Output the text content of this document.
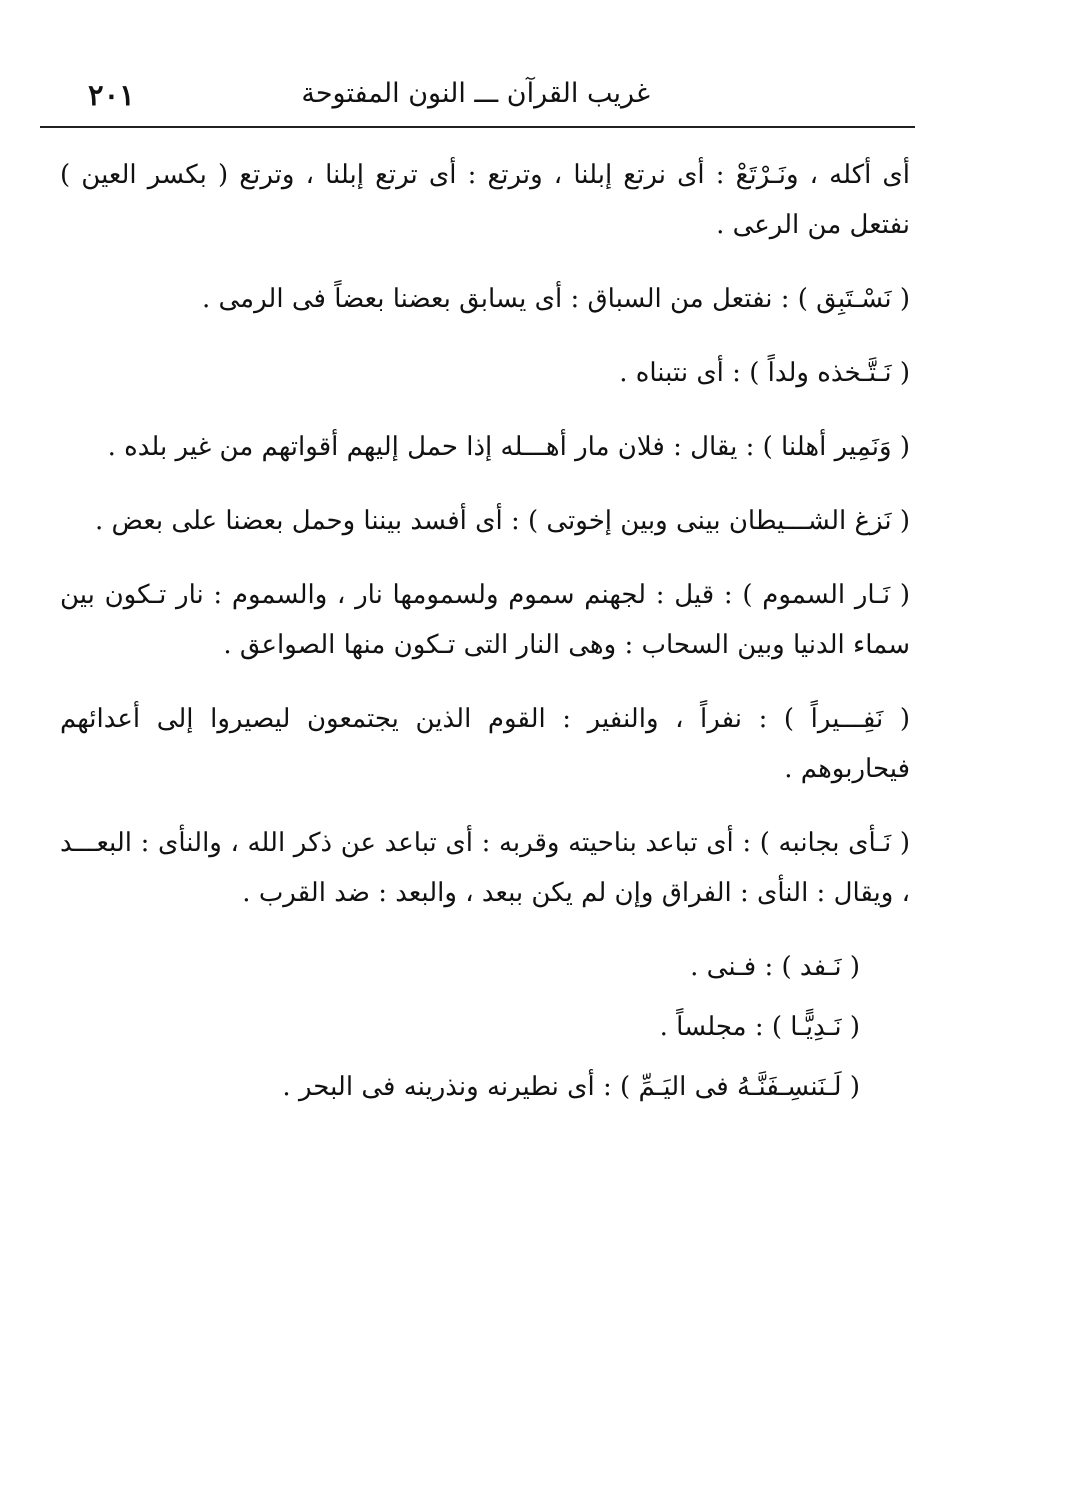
غريب القرآن ـــ النون المفتوحة
٢٠١

أى أكله ، ونَـرْتَعْ : أى نرتع إبلنا ، وترتع : أى ترتع إبلنا ، وترتع ( بكسر العين ) نفتعل من الرعى .

( نَسْـتَبِق ) : نفتعل من السباق : أى يسابق بعضنا بعضاً فى الرمى .

( نَـتَّـخذه ولداً ) : أى نتبناه .

( وَنَمِير أهلنا ) : يقال : فلان مار أهـــله إذا حمل إليهم أقواتهم من غير بلده .

( نَزغ الشـــيطان بينى وبين إخوتى ) : أى أفسد بيننا وحمل بعضنا على بعض .

( نَـار السموم ) : قيل : لجهنم سموم ولسمومها نار ، والسموم : نار تـكون بين سماء الدنيا وبين السحاب : وهى النار التى تـكون منها الصواعق .

( نَفِـــيراً ) : نفراً ، والنفير : القوم الذين يجتمعون ليصيروا إلى أعدائهم فيحاربوهم .

( نَـأى بجانبه ) : أى تباعد بناحيته وقربه : أى تباعد عن ذكر الله ، والنأى : البعـــد ، ويقال : النأى : الفراق وإن لم يكن ببعد ، والبعد : ضد القرب .

( نَـفد ) : فـنى .

( نَـدِيًّـا ) : مجلساً .

( لَـنَنسِـفَنَّـهُ فى اليَـمِّ ) : أى نطيرنه ونذرينه فى البحر .
